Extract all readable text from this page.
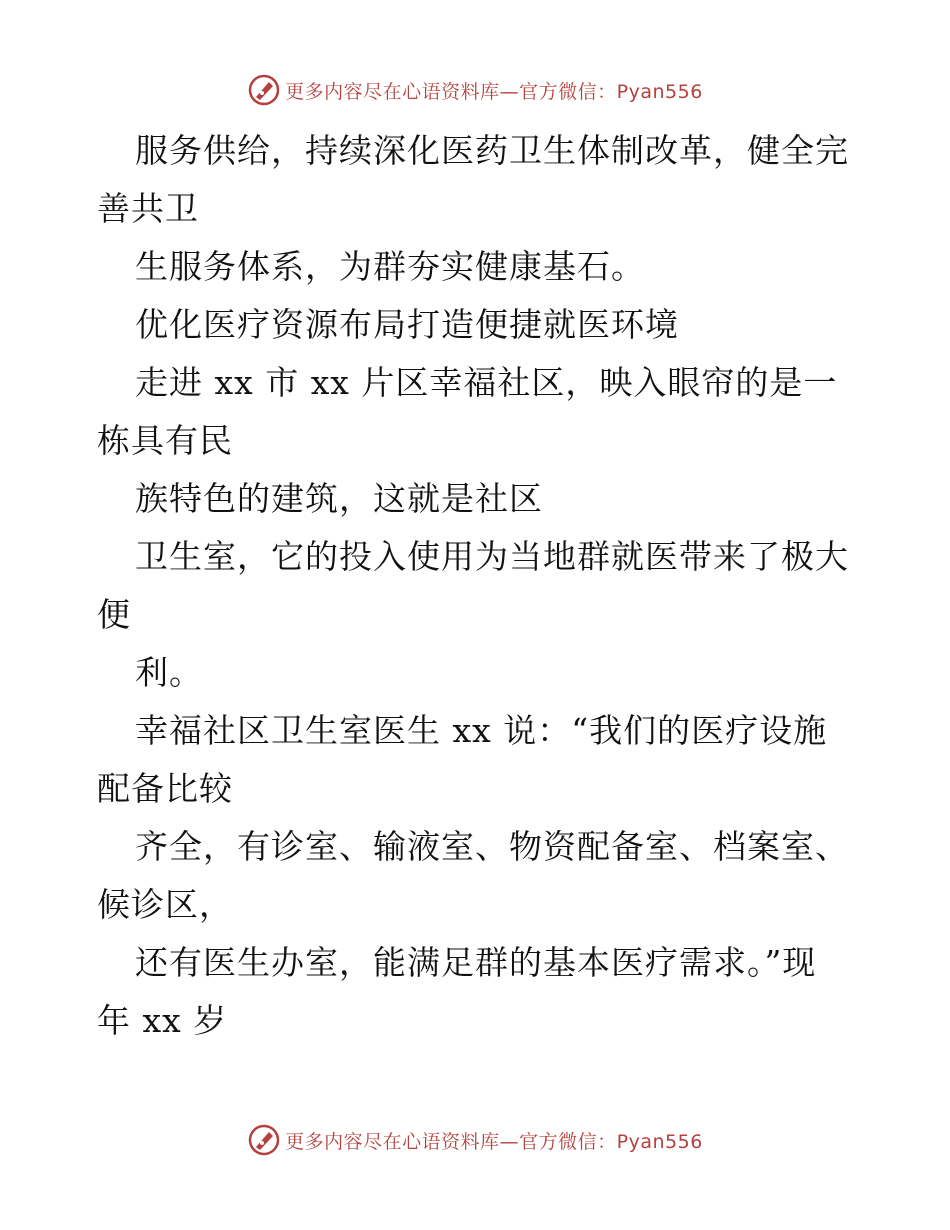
更多内容尽在心语资料库—官方微信：Pyan556
服务供给，持续深化医药卫生体制改革，健全完
善共卫
生服务体系，为群夯实健康基石。
优化医疗资源布局打造便捷就医环境
走进 xx 市 xx 片区幸福社区，映入眼帘的是一
栋具有民
族特色的建筑，这就是社区
卫生室，它的投入使用为当地群就医带来了极大
便
利。
幸福社区卫生室医生 xx 说：“我们的医疗设施
配备比较
齐全，有诊室、输液室、物资配备室、档案室、
候诊区，
还有医生办室，能满足群的基本医疗需求。”现
年 xx 岁
更多内容尽在心语资料库—官方微信：Pyan556
